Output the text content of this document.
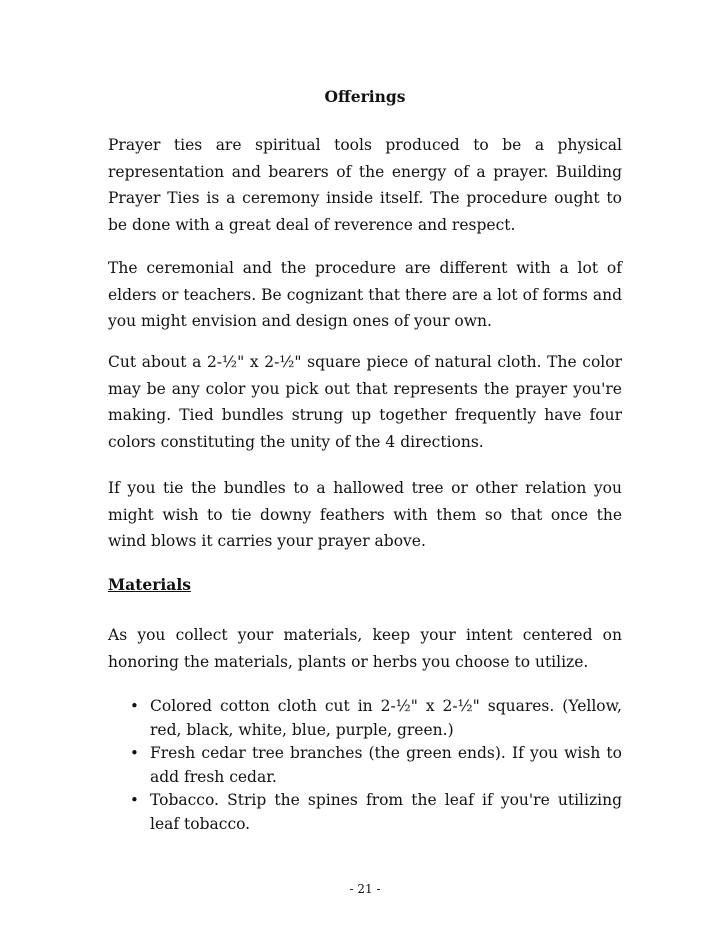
Offerings

Prayer ties are spiritual tools produced to be a physical representation and bearers of the energy of a prayer. Building Prayer Ties is a ceremony inside itself. The procedure ought to be done with a great deal of reverence and respect.

The ceremonial and the procedure are different with a lot of elders or teachers. Be cognizant that there are a lot of forms and you might envision and design ones of your own.

Cut about a 2-½" x 2-½" square piece of natural cloth. The color may be any color you pick out that represents the prayer you're making. Tied bundles strung up together frequently have four colors constituting the unity of the 4 directions.

If you tie the bundles to a hallowed tree or other relation you might wish to tie downy feathers with them so that once the wind blows it carries your prayer above.

Materials

As you collect your materials, keep your intent centered on honoring the materials, plants or herbs you choose to utilize.

• Colored cotton cloth cut in 2-½" x 2-½" squares. (Yellow, red, black, white, blue, purple, green.)
• Fresh cedar tree branches (the green ends). If you wish to add fresh cedar.
• Tobacco. Strip the spines from the leaf if you're utilizing leaf tobacco.
- 21 -
